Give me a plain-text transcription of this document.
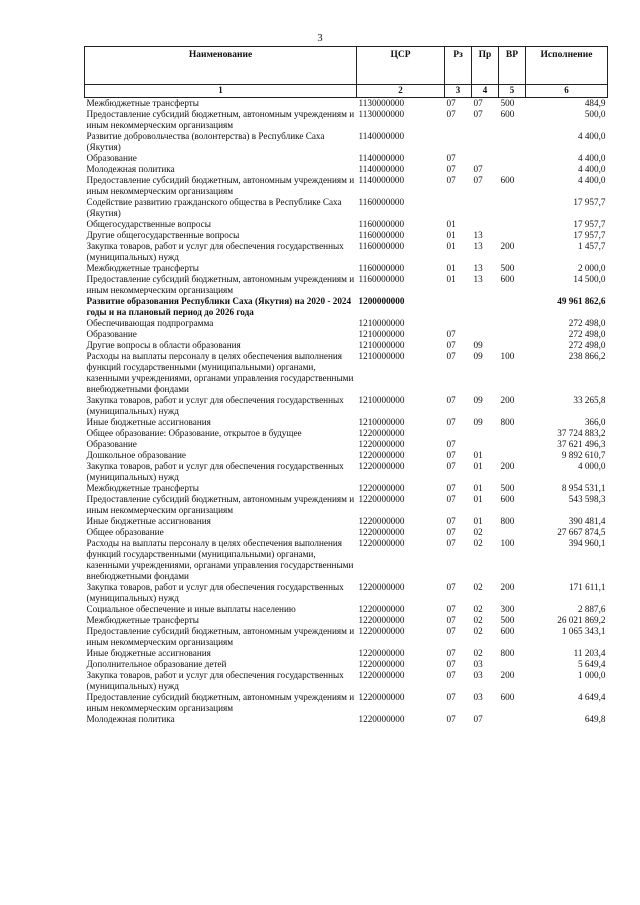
3
Наименование	ЦСР	Рз	Пр	ВР	Исполнение
1	2	3	4	5	6
Межбюджетные трансферты	1130000000	07	07	500	484,9
Предоставление субсидий бюджетным, автономным учреждениям и иным некоммерческим организациям	1130000000	07	07	600	500,0
Развитие добровольчества (волонтерства) в Республике Саха (Якутия)	1140000000				4 400,0
Образование	1140000000	07			4 400,0
Молодежная политика	1140000000	07	07		4 400,0
Предоставление субсидий бюджетным, автономным учреждениям и иным некоммерческим организациям	1140000000	07	07	600	4 400,0
Содействие развитию гражданского общества в Республике Саха (Якутия)	1160000000				17 957,7
Общегосударственные вопросы	1160000000	01			17 957,7
Другие общегосударственные вопросы	1160000000	01	13		17 957,7
Закупка товаров, работ и услуг для обеспечения государственных (муниципальных) нужд	1160000000	01	13	200	1 457,7
Межбюджетные трансферты	1160000000	01	13	500	2 000,0
Предоставление субсидий бюджетным, автономным учреждениям и иным некоммерческим организациям	1160000000	01	13	600	14 500,0
Развитие образования Республики Саха (Якутия) на 2020 - 2024 годы и на плановый период до 2026 года	1200000000				49 961 862,6
Обеспечивающая подпрограмма	1210000000				272 498,0
Образование	1210000000	07			272 498,0
Другие вопросы в области образования	1210000000	07	09		272 498,0
Расходы на выплаты персоналу в целях обеспечения выполнения функций государственными (муниципальными) органами, казенными учреждениями, органами управления государственными внебюджетными фондами	1210000000	07	09	100	238 866,2
Закупка товаров, работ и услуг для обеспечения государственных (муниципальных) нужд	1210000000	07	09	200	33 265,8
Иные бюджетные ассигнования	1210000000	07	09	800	366,0
Общее образование: Образование, открытое в будущее	1220000000				37 724 883,2
Образование	1220000000	07			37 621 496,3
Дошкольное образование	1220000000	07	01		9 892 610,7
Закупка товаров, работ и услуг для обеспечения государственных (муниципальных) нужд	1220000000	07	01	200	4 000,0
Межбюджетные трансферты	1220000000	07	01	500	8 954 531,1
Предоставление субсидий бюджетным, автономным учреждениям и иным некоммерческим организациям	1220000000	07	01	600	543 598,3
Иные бюджетные ассигнования	1220000000	07	01	800	390 481,4
Общее образование	1220000000	07	02		27 667 874,5
Расходы на выплаты персоналу в целях обеспечения выполнения функций государственными (муниципальными) органами, казенными учреждениями, органами управления государственными внебюджетными фондами	1220000000	07	02	100	394 960,1
Закупка товаров, работ и услуг для обеспечения государственных (муниципальных) нужд	1220000000	07	02	200	171 611,1
Социальное обеспечение и иные выплаты населению	1220000000	07	02	300	2 887,6
Межбюджетные трансферты	1220000000	07	02	500	26 021 869,2
Предоставление субсидий бюджетным, автономным учреждениям и иным некоммерческим организациям	1220000000	07	02	600	1 065 343,1
Иные бюджетные ассигнования	1220000000	07	02	800	11 203,4
Дополнительное образование детей	1220000000	07	03		5 649,4
Закупка товаров, работ и услуг для обеспечения государственных (муниципальных) нужд	1220000000	07	03	200	1 000,0
Предоставление субсидий бюджетным, автономным учреждениям и иным некоммерческим организациям	1220000000	07	03	600	4 649,4
Молодежная политика	1220000000	07	07		649,8
